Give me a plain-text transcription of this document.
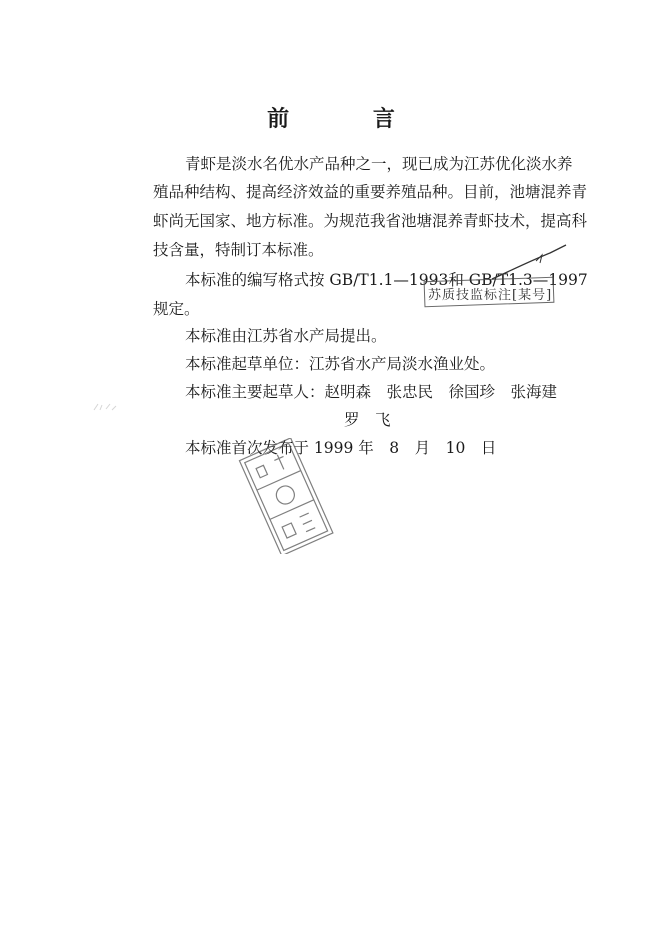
前 言
青虾是淡水名优水产品种之一，现已成为江苏优化淡水养
殖品种结构、提高经济效益的重要养殖品种。目前，池塘混养青
虾尚无国家、地方标准。为规范我省池塘混养青虾技术，提高科
技含量，特制订本标准。
本标准的编写格式按 GB/T1.1—1993和 GB/T1.3—1997
规定。
本标准由江苏省水产局提出。
本标准起草单位：江苏省水产局淡水渔业处。
本标准主要起草人：赵明森　张忠民　徐国珍　张海建
罗　飞
本标准首次发布于 1999 年　8　月　10　日
苏质技监标注[某号]
